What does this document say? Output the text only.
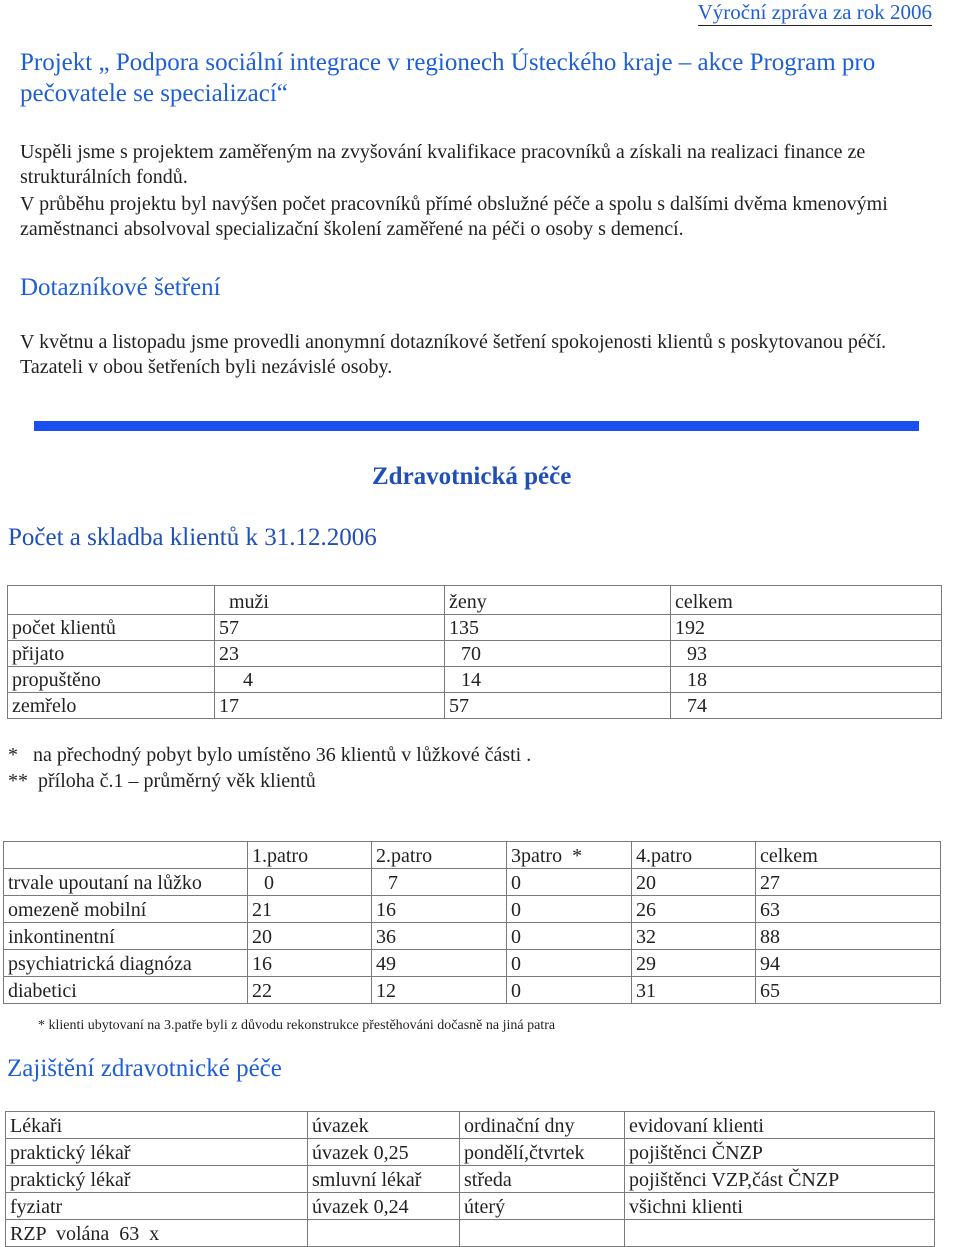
Výroční zpráva za rok 2006
Projekt „ Podpora sociální integrace v regionech Ústeckého kraje – akce Program pro pečovatele se specializací“
Uspěli jsme s projektem zaměřeným na zvyšování kvalifikace pracovníků a získali na realizaci finance ze strukturálních fondů.
V průběhu projektu byl navýšen počet pracovníků přímé obslužné péče a spolu s dalšími dvěma kmenovými zaměstnanci absolvoval specializační školení zaměřené na péči o osoby s demencí.
Dotazníkové šetření
V květnu a listopadu jsme provedli anonymní dotazníkové šetření spokojenosti klientů s poskytovanou péčí. Tazateli v obou šetřeních byli nezávislé osoby.
Zdravotnická péče
Počet a skladba klientů k 31.12.2006
	muži	ženy	celkem
počet klientů	57	135	192
přijato	23	70	93
propuštěno	4	14	18
zemřelo	17	57	74
*   na přechodný pobyt bylo umístěno 36 klientů v lůžkové části .
**  příloha č.1 – průměrný věk klientů
	1.patro	2.patro	3patro  *	4.patro	celkem
trvale upoutaní na lůžko	0	7	0	20	27
omezeně mobilní	21	16	0	26	63
inkontinentní	20	36	0	32	88
psychiatrická diagnóza	16	49	0	29	94
diabetici	22	12	0	31	65
* klienti ubytovaní na 3.patře byli z důvodu rekonstrukce přestěhováni dočasně na jiná patra
Zajištění zdravotnické péče
Lékaři	úvazek	ordinační dny	evidovaní klienti
praktický lékař	úvazek 0,25	pondělí,čtvrtek	pojištěnci ČNZP
praktický lékař	smluvní lékař	středa	pojištěnci VZP,část ČNZP
fyziatr	úvazek 0,24	úterý	všichni klienti
RZP  volána  63  x			
